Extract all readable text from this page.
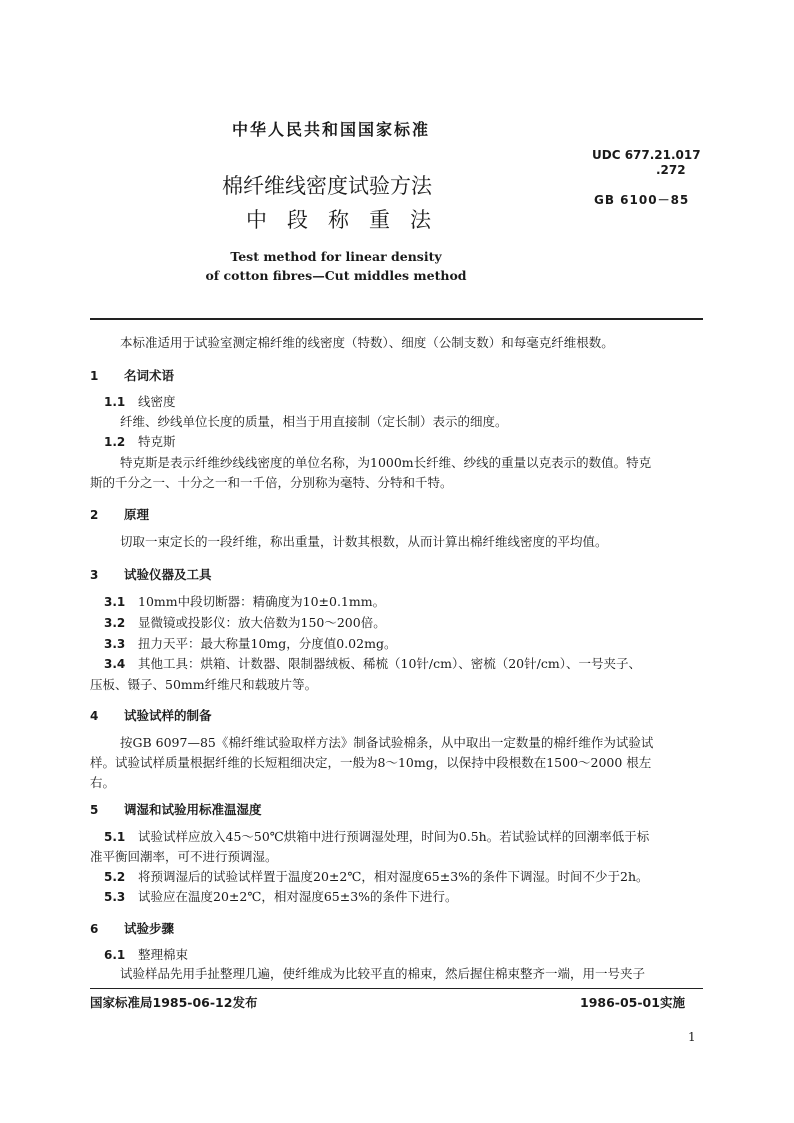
中华人民共和国国家标准
UDC 677.21.017
.272
GB 6100－85
棉纤维线密度试验方法
中段称重法
Test method for linear density
of cotton fibres—Cut middles method
本标准适用于试验室测定棉纤维的线密度（特数）、细度（公制支数）和每毫克纤维根数。
1 名词术语
1.1 线密度
纤维、纱线单位长度的质量，相当于用直接制（定长制）表示的细度。
1.2 特克斯
特克斯是表示纤维纱线线密度的单位名称，为1000m长纤维、纱线的重量以克表示的数值。特克
斯的千分之一、十分之一和一千倍，分别称为毫特、分特和千特。
2 原理
切取一束定长的一段纤维，称出重量，计数其根数，从而计算出棉纤维线密度的平均值。
3 试验仪器及工具
3.1 10mm中段切断器：精确度为10±0.1mm。
3.2 显微镜或投影仪：放大倍数为150～200倍。
3.3 扭力天平：最大称量10mg，分度值0.02mg。
3.4 其他工具：烘箱、计数器、限制器绒板、稀梳（10针/cm）、密梳（20针/cm）、一号夹子、
压板、镊子、50mm纤维尺和载玻片等。
4 试验试样的制备
按GB 6097—85《棉纤维试验取样方法》制备试验棉条，从中取出一定数量的棉纤维作为试验试
样。试验试样质量根据纤维的长短粗细决定，一般为8～10mg，以保持中段根数在1500～2000 根左
右。
5 调湿和试验用标准温湿度
5.1 试验试样应放入45～50℃烘箱中进行预调湿处理，时间为0.5h。若试验试样的回潮率低于标
准平衡回潮率，可不进行预调湿。
5.2 将预调湿后的试验试样置于温度20±2℃，相对湿度65±3%的条件下调湿。时间不少于2h。
5.3 试验应在温度20±2℃，相对湿度65±3%的条件下进行。
6 试验步骤
6.1 整理棉束
试验样品先用手扯整理几遍，使纤维成为比较平直的棉束，然后握住棉束整齐一端，用一号夹子
国家标准局1985-06-12发布	1986-05-01实施
1
